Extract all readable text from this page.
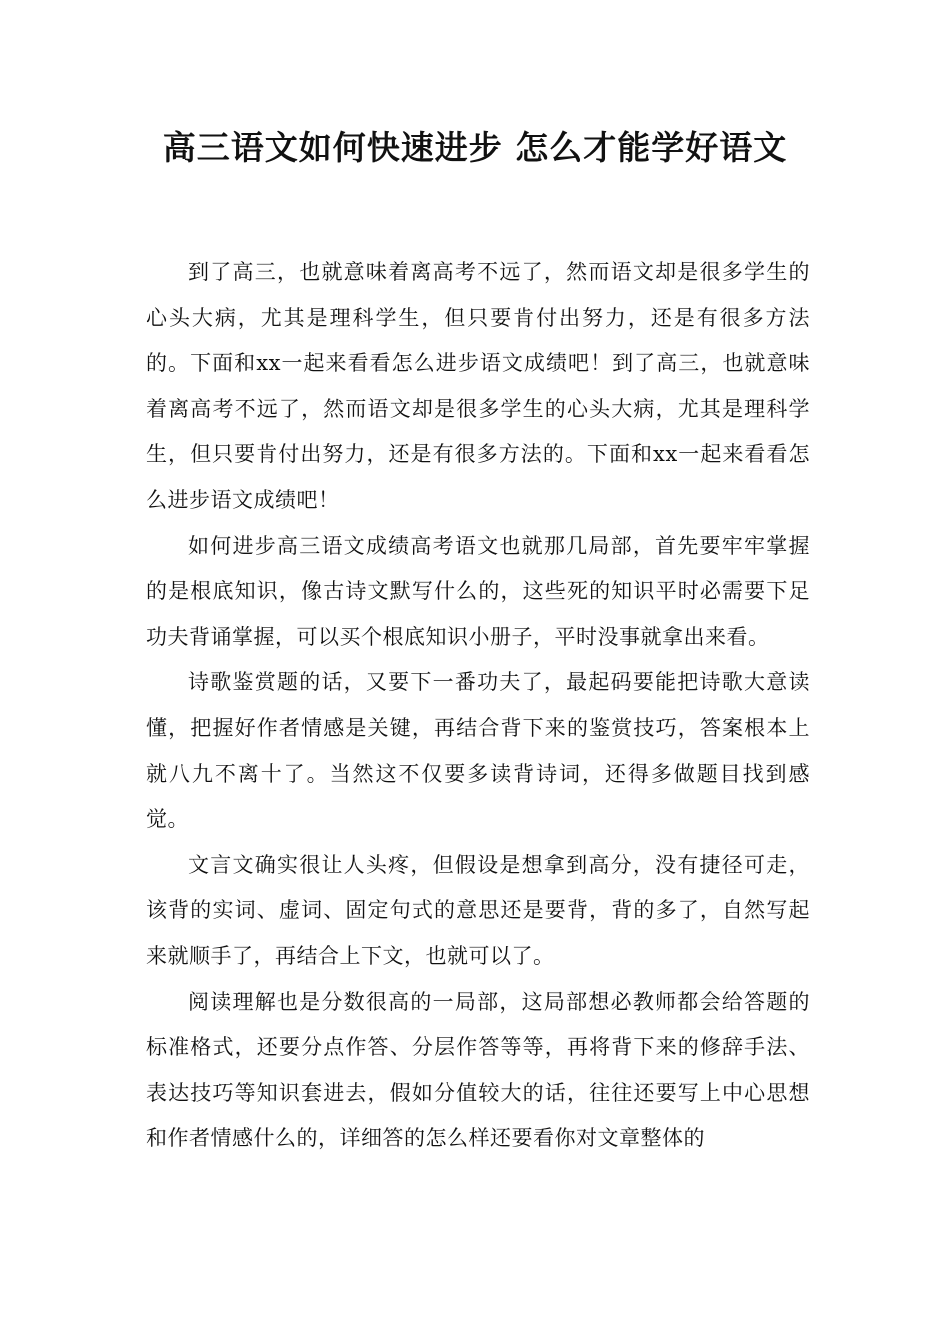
高三语文如何快速进步 怎么才能学好语文

到了高三，也就意味着离高考不远了，然而语文却是很多学生的心头大病，尤其是理科学生，但只要肯付出努力，还是有很多方法的。下面和xx一起来看看怎么进步语文成绩吧！到了高三，也就意味着离高考不远了，然而语文却是很多学生的心头大病，尤其是理科学生，但只要肯付出努力，还是有很多方法的。下面和xx一起来看看怎么进步语文成绩吧！

如何进步高三语文成绩高考语文也就那几局部，首先要牢牢掌握的是根底知识，像古诗文默写什么的，这些死的知识平时必需要下足功夫背诵掌握，可以买个根底知识小册子，平时没事就拿出来看。

诗歌鉴赏题的话，又要下一番功夫了，最起码要能把诗歌大意读懂，把握好作者情感是关键，再结合背下来的鉴赏技巧，答案根本上就八九不离十了。当然这不仅要多读背诗词，还得多做题目找到感觉。

文言文确实很让人头疼，但假设是想拿到高分，没有捷径可走，该背的实词、虚词、固定句式的意思还是要背，背的多了，自然写起来就顺手了，再结合上下文，也就可以了。

阅读理解也是分数很高的一局部，这局部想必教师都会给答题的标准格式，还要分点作答、分层作答等等，再将背下来的修辞手法、表达技巧等知识套进去，假如分值较大的话，往往还要写上中心思想和作者情感什么的，详细答的怎么样还要看你对文章整体的
